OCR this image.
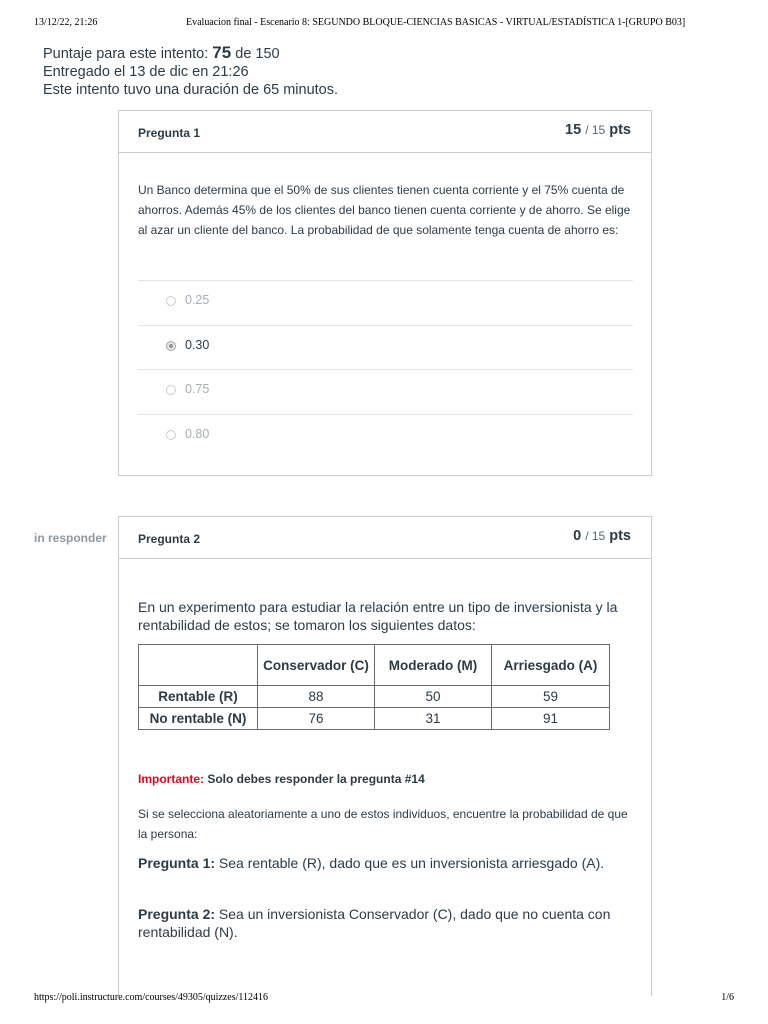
13/12/22, 21:26	Evaluacion final - Escenario 8: SEGUNDO BLOQUE-CIENCIAS BASICAS - VIRTUAL/ESTADÍSTICA 1-[GRUPO B03]
Puntaje para este intento: 75 de 150
Entregado el 13 de dic en 21:26
Este intento tuvo una duración de 65 minutos.
Pregunta 1	15 / 15 pts
Un Banco determina que el 50% de sus clientes tienen cuenta corriente y el 75% cuenta de ahorros. Además 45% de los clientes del banco tienen cuenta corriente y de ahorro. Se elige al azar un cliente del banco. La probabilidad de que solamente tenga cuenta de ahorro es:
0.25
0.30
0.75
0.80
in responder	Pregunta 2	0 / 15 pts
En un experimento para estudiar la relación entre un tipo de inversionista y la rentabilidad de estos; se tomaron los siguientes datos:
	Conservador (C)	Moderado (M)	Arriesgado (A)
Rentable (R)	88	50	59
No rentable (N)	76	31	91
Importante: Solo debes responder la pregunta #14
Si se selecciona aleatoriamente a uno de estos individuos, encuentre la probabilidad de que la persona:
Pregunta 1: Sea rentable (R), dado que es un inversionista arriesgado (A).
Pregunta 2: Sea un inversionista Conservador (C), dado que no cuenta con rentabilidad (N).
https://poli.instructure.com/courses/49305/quizzes/112416	1/6
